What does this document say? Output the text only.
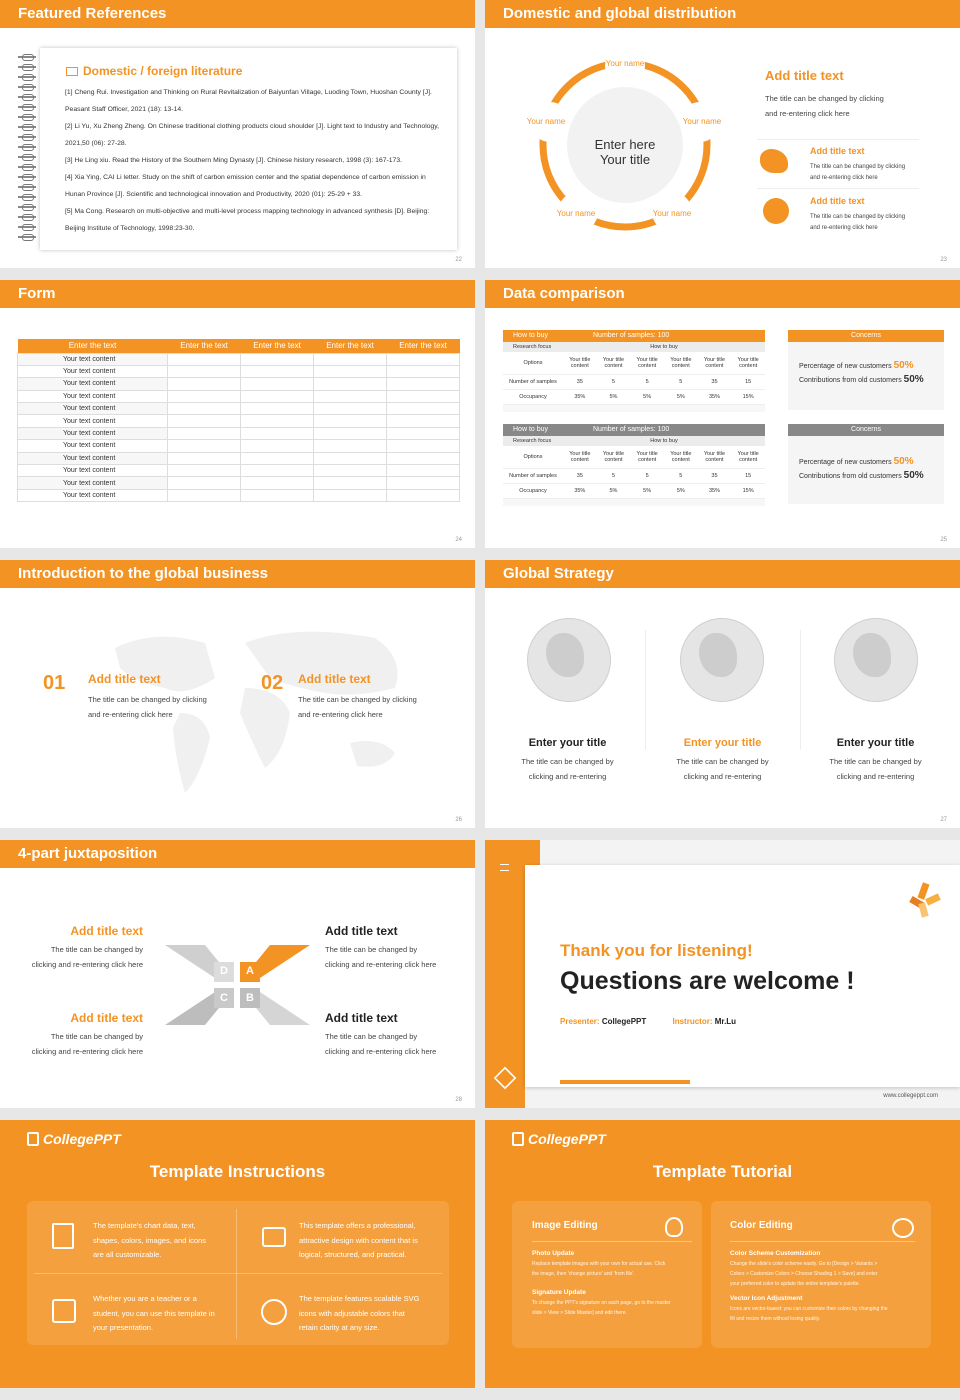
Featured References
Domestic / foreign literature
[1] Cheng Rui. Investigation and Thinking on Rural Revitalization of Baiyunfan Village, Luoding Town, Huoshan County [J].
Peasant Staff Officer, 2021 (18): 13-14.
[2] Li Yu, Xu Zheng Zheng. On Chinese traditional clothing products cloud shoulder [J]. Light text to Industry and Technology,
2021,50 (06): 27-28.
[3] He Ling xiu. Read the History of the Southern Ming Dynasty [J]. Chinese history research, 1998 (3): 167-173.
[4] Xia Ying, CAI Li letter. Study on the shift of carbon emission center and the spatial dependence of carbon emission in
Hunan Province [J]. Scientific and technological innovation and Productivity, 2020 (01): 25-29 + 33.
[5] Ma Cong. Research on multi-objective and multi-level process mapping technology in advanced synthesis [D]. Beijing:
Beijing Institute of Technology, 1998:23-30.
22
Domestic and global distribution
Enter here
Your title
Your name
Your name
Your name
Your name
Your name
Add title text
The title can be changed by clicking
and re-entering click here
Add title text
The title can be changed by clicking
and re-entering click here
Add title text
The title can be changed by clicking
and re-entering click here
23
Form
Enter the text	Enter the text	Enter the text	Enter the text	Enter the text
Your text content				
Your text content				
Your text content				
Your text content				
Your text content				
Your text content				
Your text content				
Your text content				
Your text content				
Your text content				
Your text content				
Your text content				
24
Data comparison
How to buy	Number of samples: 100
Research focus	How to buy
Options	Your title content	Your title content	Your title content	Your title content	Your title content	Your title content
Number of samples	35	5	5	5	35	15
Occupancy	35%	5%	5%	5%	35%	15%
How to buy	Number of samples: 100
Research focus	How to buy
Options	Your title content	Your title content	Your title content	Your title content	Your title content	Your title content
Number of samples	35	5	5	5	35	15
Occupancy	35%	5%	5%	5%	35%	15%
Concerns
Percentage of new customers 50%
Contributions from old customers 50%
Concerns
Percentage of new customers 50%
Contributions from old customers 50%
25
Introduction to the global business
01 Add title text
The title can be changed by clicking
and re-entering click here
02 Add title text
The title can be changed by clicking
and re-entering click here
26
Global Strategy
Enter your title
The title can be changed by
clicking and re-entering
Enter your title
The title can be changed by
clicking and re-entering
Enter your title
The title can be changed by
clicking and re-entering
27
4-part juxtaposition
D	A
C	B
Add title text
The title can be changed by
clicking and re-entering click here
Add title text
The title can be changed by
clicking and re-entering click here
Add title text
The title can be changed by
clicking and re-entering click here
Add title text
The title can be changed by
clicking and re-entering click here
28
Thank you for listening!
Questions are welcome !
Presenter: CollegePPT	Instructor: Mr.Lu
www.collegeppt.com
CollegePPT
Template Instructions
The template's chart data, text,
shapes, colors, images, and icons
are all customizable.
This template offers a professional,
attractive design with content that is
logical, structured, and practical.
Whether you are a teacher or a
student, you can use this template in
your presentation.
The template features scalable SVG
icons with adjustable colors that
retain clarity at any size.
CollegePPT
Template Tutorial
Image Editing
Photo Update
Replace template images with your own for actual use. Click
the image, then 'change picture' and 'from file'.
Signature Update
To change the PPT's signature on each page, go to the master
slide > View > Slide Master] and edit there.
Color Editing
Color Scheme Customization
Change the slide's color scheme easily. Go to [Design > Variants >
Colors > Customize Colors > Choose Shading 1 > Save] and enter
your preferred color to update the entire template's palette.
Vector Icon Adjustment
Icons are vector-based: you can customize their colors by changing the
fill and resize them without losing quality.
